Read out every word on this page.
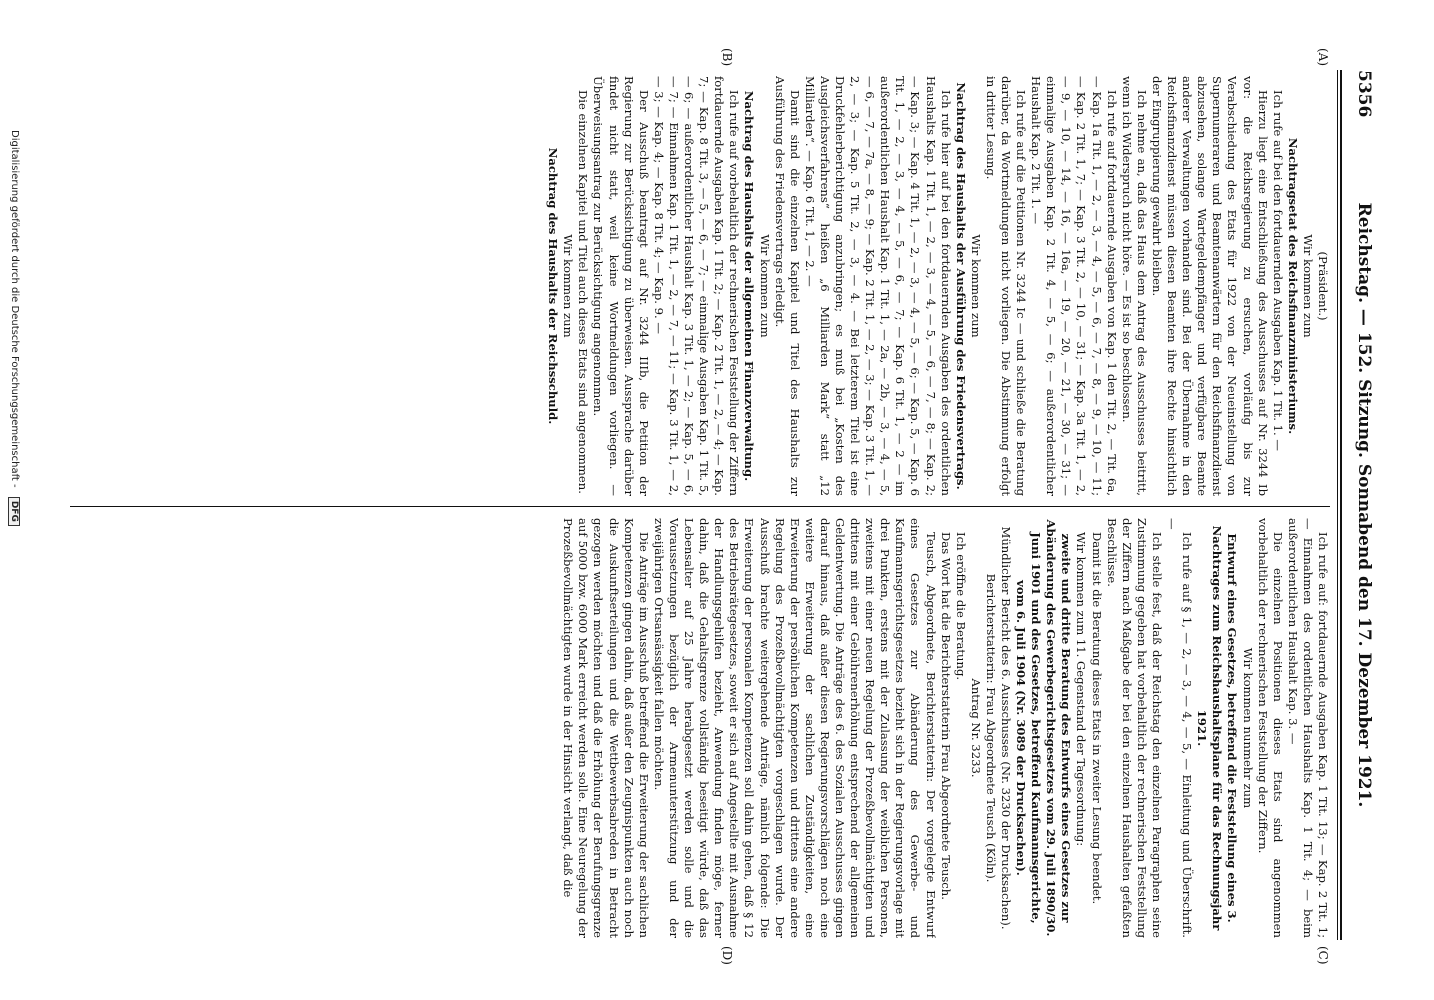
5356
Reichstag. — 152. Sitzung. Sonnabend den 17. Dezember 1921.
(A)
(B)
(C)
(D)

(Präsident.)

Wir kommen zum

Nachtragsetat des Reichsfinanzministeriums.

Ich rufe auf bei den fortdauernden Ausgaben Kap. 1 Tit. 1. —

Hierzu liegt eine Entschließung des Ausschusses auf Nr. 3244 Ib vor: die Reichsregierung zu ersuchen, vorläufig bis zur Verabschiedung des Etats für 1922 von der Neueinstellung von Supernumeraren und Beamtenanwärtern für den Reichsfinanzdienst abzusehen, solange Wartegeldempfänger und verfügbare Beamte anderer Verwaltungen vorhanden sind. Bei der Übernahme in den Reichsfinanzdienst müssen diesen Beamten ihre Rechte hinsichtlich der Eingruppierung gewahrt bleiben.

Ich nehme an, daß das Haus dem Antrag des Ausschusses beitritt, wenn ich Widerspruch nicht höre. — Es ist so beschlossen.

Ich rufe auf fortdauernde Ausgaben von Kap. 1 den Tit. 2, — Tit. 6a, — Kap. 1a Tit. 1, — 2, — 3, — 4, — 5, — 6, — 7, — 8, — 9, — 10, — 11; — Kap. 2 Tit. 1, 7; — Kap. 3 Tit. 2, — 10, — 31; — Kap. 3a Tit. 1, — 2, — 9, — 10, — 14, — 16, — 16a, — 19, — 20, — 21, — 30, — 31; — einmalige Ausgaben Kap. 2 Tit. 4, — 5, — 6; — außerordentlicher Haushalt Kap. 2 Tit. 1. —

Ich rufe auf die Petitionen Nr. 3244 Ic — und schließe die Beratung darüber, da Wortmeldungen nicht vorliegen. Die Abstimmung erfolgt in dritter Lesung.

Wir kommen zum

Nachtrag des Haushalts der Ausführung des Friedensvertrags.

Ich rufe hier auf bei den fortdauernden Ausgaben des ordentlichen Haushalts Kap. 1 Tit. 1, — 2, — 3, — 4, — 5, — 6, — 7, — 8; — Kap. 2; — Kap. 3; — Kap. 4 Tit. 1, — 2, — 3, — 4, — 5, — 6; — Kap. 5, — Kap. 6 Tit. 1, — 2, — 3, — 4, — 5, — 6, — 7; — Kap. 6 Tit. 1, — 2 — im außerordentlichen Haushalt Kap. 1 Tit. 1, — 2a, — 2b, — 3, — 4, — 5, — 6, — 7, — 7a, — 8, — 9; — Kap. 2 Tit. 1, — 2, — 3; — Kap. 3 Tit. 1, — 2, — 3; — Kap. 5 Tit. 2, — 3, — 4. — Bei letzterem Titel ist eine Druckfehlerberichtigung anzubringen; es muß bei „Kosten des Ausgleichsverfahrens“ heißen „6 Milliarden Mark“ statt „12 Milliarden“. — Kap. 6 Tit. 1, — 2. —

Damit sind die einzelnen Kapitel und Titel des Haushalts zur Ausführung des Friedensvertrags erledigt.

Wir kommen zum

Nachtrag des Haushalts der allgemeinen Finanzverwaltung.

Ich rufe auf vorbehaltlich der rechnerischen Feststellung der Ziffern fortdauernde Ausgaben Kap. 1 Tit. 2; — Kap. 2 Tit. 1, — 2, — 4; — Kap. 7; — Kap. 8 Tit. 3, — 5, — 6, — 7; — einmalige Ausgaben Kap. 1 Tit. 5, — 6; — außerordentlicher Haushalt Kap. 3 Tit. 1, — 2; — Kap. 5, — 6, — 7; — Einnahmen Kap. 1 Tit. 1, — 2, — 7, — 11; — Kap. 3 Tit. 1, — 2, — 3; — Kap. 4; — Kap. 8 Tit. 4; — Kap. 9. —

Der Ausschuß beantragt auf Nr. 3244 IIIb, die Petition der Regierung zur Berücksichtigung zu überweisen. Aussprache darüber findet nicht statt, weil keine Wortmeldungen vorliegen. — Überweisungsantrag zur Berücksichtigung angenommen.

Die einzelnen Kapitel und Titel auch dieses Etats sind angenommen.

Wir kommen zum

Nachtrag des Haushalts der Reichsschuld.

Ich rufe auf: fortdauernde Ausgaben Kap. 1 Tit. 13; — Kap. 2 Tit. 1; — Einnahmen des ordentlichen Haushalts Kap. 1 Tit. 4; — beim außerordentlichen Haushalt Kap. 3. —

Die einzelnen Positionen dieses Etats sind angenommen vorbehaltlich der rechnerischen Feststellung der Ziffern.

Wir kommen nunmehr zum

Entwurf eines Gesetzes, betreffend die Feststellung eines 3. Nachtrages zum Reichshaushaltsplane für das Rechnungsjahr 1921.

Ich rufe auf § 1, — 2, — 3, — 4, — 5, — Einleitung und Überschrift. —

Ich stelle fest, daß der Reichstag den einzelnen Paragraphen seine Zustimmung gegeben hat vorbehaltlich der rechnerischen Feststellung der Ziffern nach Maßgabe der bei den einzelnen Haushalten gefaßten Beschlüsse.

Damit ist die Beratung dieses Etats in zweiter Lesung beendet.

Wir kommen zum 11. Gegenstand der Tagesordnung:

zweite und dritte Beratung des Entwurfs eines Gesetzes zur Abänderung des Gewerbegerichtsgesetzes vom 29. Juli 1890/30. Juni 1901 und des Gesetzes, betreffend Kaufmannsgerichte, vom 6. Juli 1904 (Nr. 3089 der Drucksachen).

Mündlicher Bericht des 6. Ausschusses (Nr. 3230 der Drucksachen).

Berichterstatterin: Frau Abgeordnete Teusch (Köln).

Antrag Nr. 3233.

Ich eröffne die Beratung.

Das Wort hat die Berichterstatterin Frau Abgeordnete Teusch.

Teusch, Abgeordnete, Berichterstatterin: Der vorgelegte Entwurf eines Gesetzes zur Abänderung des Gewerbe- und Kaufmannsgerichtsgesetzes bezieht sich in der Regierungsvorlage mit drei Punkten, erstens mit der Zulassung der weiblichen Personen, zweitens mit einer neuen Regelung der Prozeßbevollmächtigten und drittens mit einer Gebührenerhöhung entsprechend der allgemeinen Geldentwertung. Die Anträge des 6. des Sozialen Ausschusses gingen darauf hinaus, daß außer diesen Regierungsvorschlägen noch eine weitere Erweiterung der sachlichen Zuständigkeiten, eine Erweiterung der persönlichen Kompetenzen und drittens eine andere Regelung des Prozeßbevollmächtigten vorgeschlagen wurde. Der Ausschuß brachte weitergehende Anträge, nämlich folgende: Die Erweiterung der personalen Kompetenzen soll dahin gehen, daß § 12 des Betriebsrätegesetzes, soweit er sich auf Angestellte mit Ausnahme der Handlungsgehilfen bezieht, Anwendung finden möge, ferner dahin, daß die Gehaltsgrenze vollständig beseitigt würde, daß das Lebensalter auf 25 Jahre herabgesetzt werden solle und die Voraussetzungen bezüglich der Armenunterstützung und der zweijährigen Ortsansässigkeit fallen möchten.

Die Anträge im Ausschuß betreffend die Erweiterung der sachlichen Kompetenzen gingen dahin, daß außer den Zeugnispunkten auch noch die Auskunftserteilungen und die Wettbewerbsabreden in Betracht gezogen werden möchten und daß die Erhöhung der Berufungsgrenze auf 5000 bzw. 6000 Mark erreicht werden solle. Eine Neuregelung der Prozeßbevollmächtigten wurde in der Hinsicht verlangt, daß die

Digitalisierung gefördert durch die Deutsche Forschungsgemeinschaft - DFG
